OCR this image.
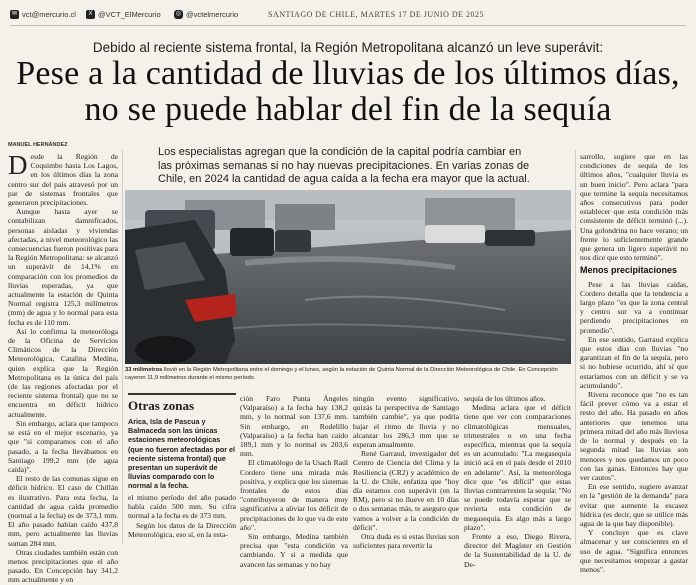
✉ vct@mercurio.cl	X @VCT_ElMercurio	◎ @vctelmercurio	SANTIAGO DE CHILE, MARTES 17 DE JUNIO DE 2025
Debido al reciente sistema frontal, la Región Metropolitana alcanzó un leve superávit:
Pese a la cantidad de lluvias de los últimos días, no se puede hablar del fin de la sequía
MANUEL HERNÁNDEZ

Desde la Región de Coquimbo hasta Los Lagos, en los últimos días la zona centro sur del país atravesó por un par de sistemas frontales que generaron precipitaciones.

Aunque hasta ayer se contabilizan damnificados, personas aisladas y viviendas afectadas, a nivel meteorológico las consecuencias fueron positivas para la Región Metropolitana: se alcanzó un superávit de 14,1% en comparación con los promedios de lluvias esperadas, ya que actualmente la estación de Quinta Normal registra 125,3 milímetros (mm) de agua y lo normal para esta fecha es de 110 mm.

Así lo confirma la meteoróloga de la Oficina de Servicios Climáticos de la Dirección Meteorológica, Catalina Medina, quien explica que la Región Metropolitana es la única del país (de las regiones afectadas por el reciente sistema frontal) que no se encuentra en déficit hídrico actualmente.

Sin embargo, aclara que tampoco se está en el mejor escenario, ya que "si comparamos con el año pasado, a la fecha llevábamos en Santiago 199,2 mm (de agua caída)".

El resto de las comunas sigue en déficit hídrico. El caso de Chillán es ilustrativo. Para esta fecha, la cantidad de agua caída promedio (normal a la fecha) es de 373,1 mm. El año pasado habían caído 437,8 mm, pero actualmente las lluvias suman 284 mm.

Otras ciudades también están con menos precipitaciones que el año pasado. En Concepción hay 341,2 mm actualmente y en

Los especialistas agregan que la condición de la capital podría cambiar en las próximas semanas si no hay nuevas precipitaciones. En varias zonas de Chile, en 2024 la cantidad de agua caída a la fecha era mayor que la actual.
33 milímetros llovió en la Región Metropolitana entre el domingo y el lunes, según la estación de Quinta Normal de la Dirección Meteorológica de Chile. En Concepción cayeron 11,9 milímetros durante el mismo período.
Otras zonas
Arica, Isla de Pascua y Balmaceda son las únicas estaciones meteorológicas (que no fueron afectadas por el reciente sistema frontal) que presentan un superávit de lluvias comparado con lo normal a la fecha.

el mismo período del año pasado había caído 500 mm. Su cifra normal a la fecha es de 373 mm.

Según los datos de la Dirección Meteorológica, eso sí, en la esta-

ción Faro Punta Ángeles (Valparaíso) a la fecha hay 138,2 mm, y lo normal son 137,6 mm. Sin embargo, en Rodelillo (Valparaíso) a la fecha han caído 189,1 mm y lo normal es 203,6 mm.

El climatólogo de la Usach Raúl Cordero tiene una mirada más positiva, y explica que los sistemas frontales de estos días "contribuyeron de manera muy significativa a aliviar los déficit de precipitaciones de lo que va de este año".

Sin embargo, Medina también precisa que "esta condición va cambiando. Y si a medida que avancen las semanas y no hay

ningún evento significativo, quizás la perspectiva de Santiago también cambie", ya que podría bajar el ritmo de lluvia y no alcanzar los 286,3 mm que se esperan anualmente.

René Garraud, investigador del Centro de Ciencia del Clima y la Resiliencia (CR2) y académico de la U. de Chile, enfatiza que "hoy día estamos con superávit (en la RM), pero si no llueve en 10 días o dos semanas más, te aseguro que vamos a volver a la condición de déficit".

Otra duda es si estas lluvias son suficientes para revertir la

sequía de los últimos años.

Medina aclara que el déficit tiene que ver con comparaciones climatológicas mensuales, trimestrales o en una fecha específica, mientras que la sequía es un acumulado: "La megasequía inició acá en el país desde el 2010 en adelante". Así, la meteoróloga dice que "es difícil" que estas lluvias contrarresten la sequía: "No se puede todavía esperar que se revierta esta condición de megasequía. Es algo más a largo plazo".

Frente a eso, Diego Rivera, director del Magíster en Gestión de la Sustentabilidad de la U. de De-

sarrollo, sugiere que en las condiciones de sequía de los últimos años, "cualquier lluvia es un buen inicio". Pero aclara "para que termine la sequía necesitamos años consecutivos para poder establecer que esta condición más consistente de déficit terminó (...). Una golondrina no hace verano; un frente lo suficientemente grande que genera un ligero superávit no nos dice que esto terminó".

Menos precipitaciones

Pese a las lluvias caídas, Cordero detalla que la tendencia a largo plazo "es que la zona central y centro sur va a continuar perdiendo precipitaciones en promedio".

En ese sentido, Garraud explica que estos días con lluvias "no garantizan el fin de la sequía, pero si no hubiese ocurrido, ahí sí que estaríamos con un déficit y se va acumulando".

Rivera reconoce que "no es tan fácil prever cómo va a estar el resto del año. Ha pasado en años anteriores que tenemos una primera mitad del año más lluviosa de lo normal y después en la segunda mitad las lluvias son menores y nos quedamos un poco con las ganas. Entonces hay que ver cautos".

En ese sentido, sugiere avanzar en la "gestión de la demanda" para evitar que aumente la escasez hídrica (es decir, que se utilice más agua de la que hay disponible).

Y concluye que es clave almacenar y ser conscientes en el uso de agua. "Significa entonces que necesitamos empezar a gastar menos".
